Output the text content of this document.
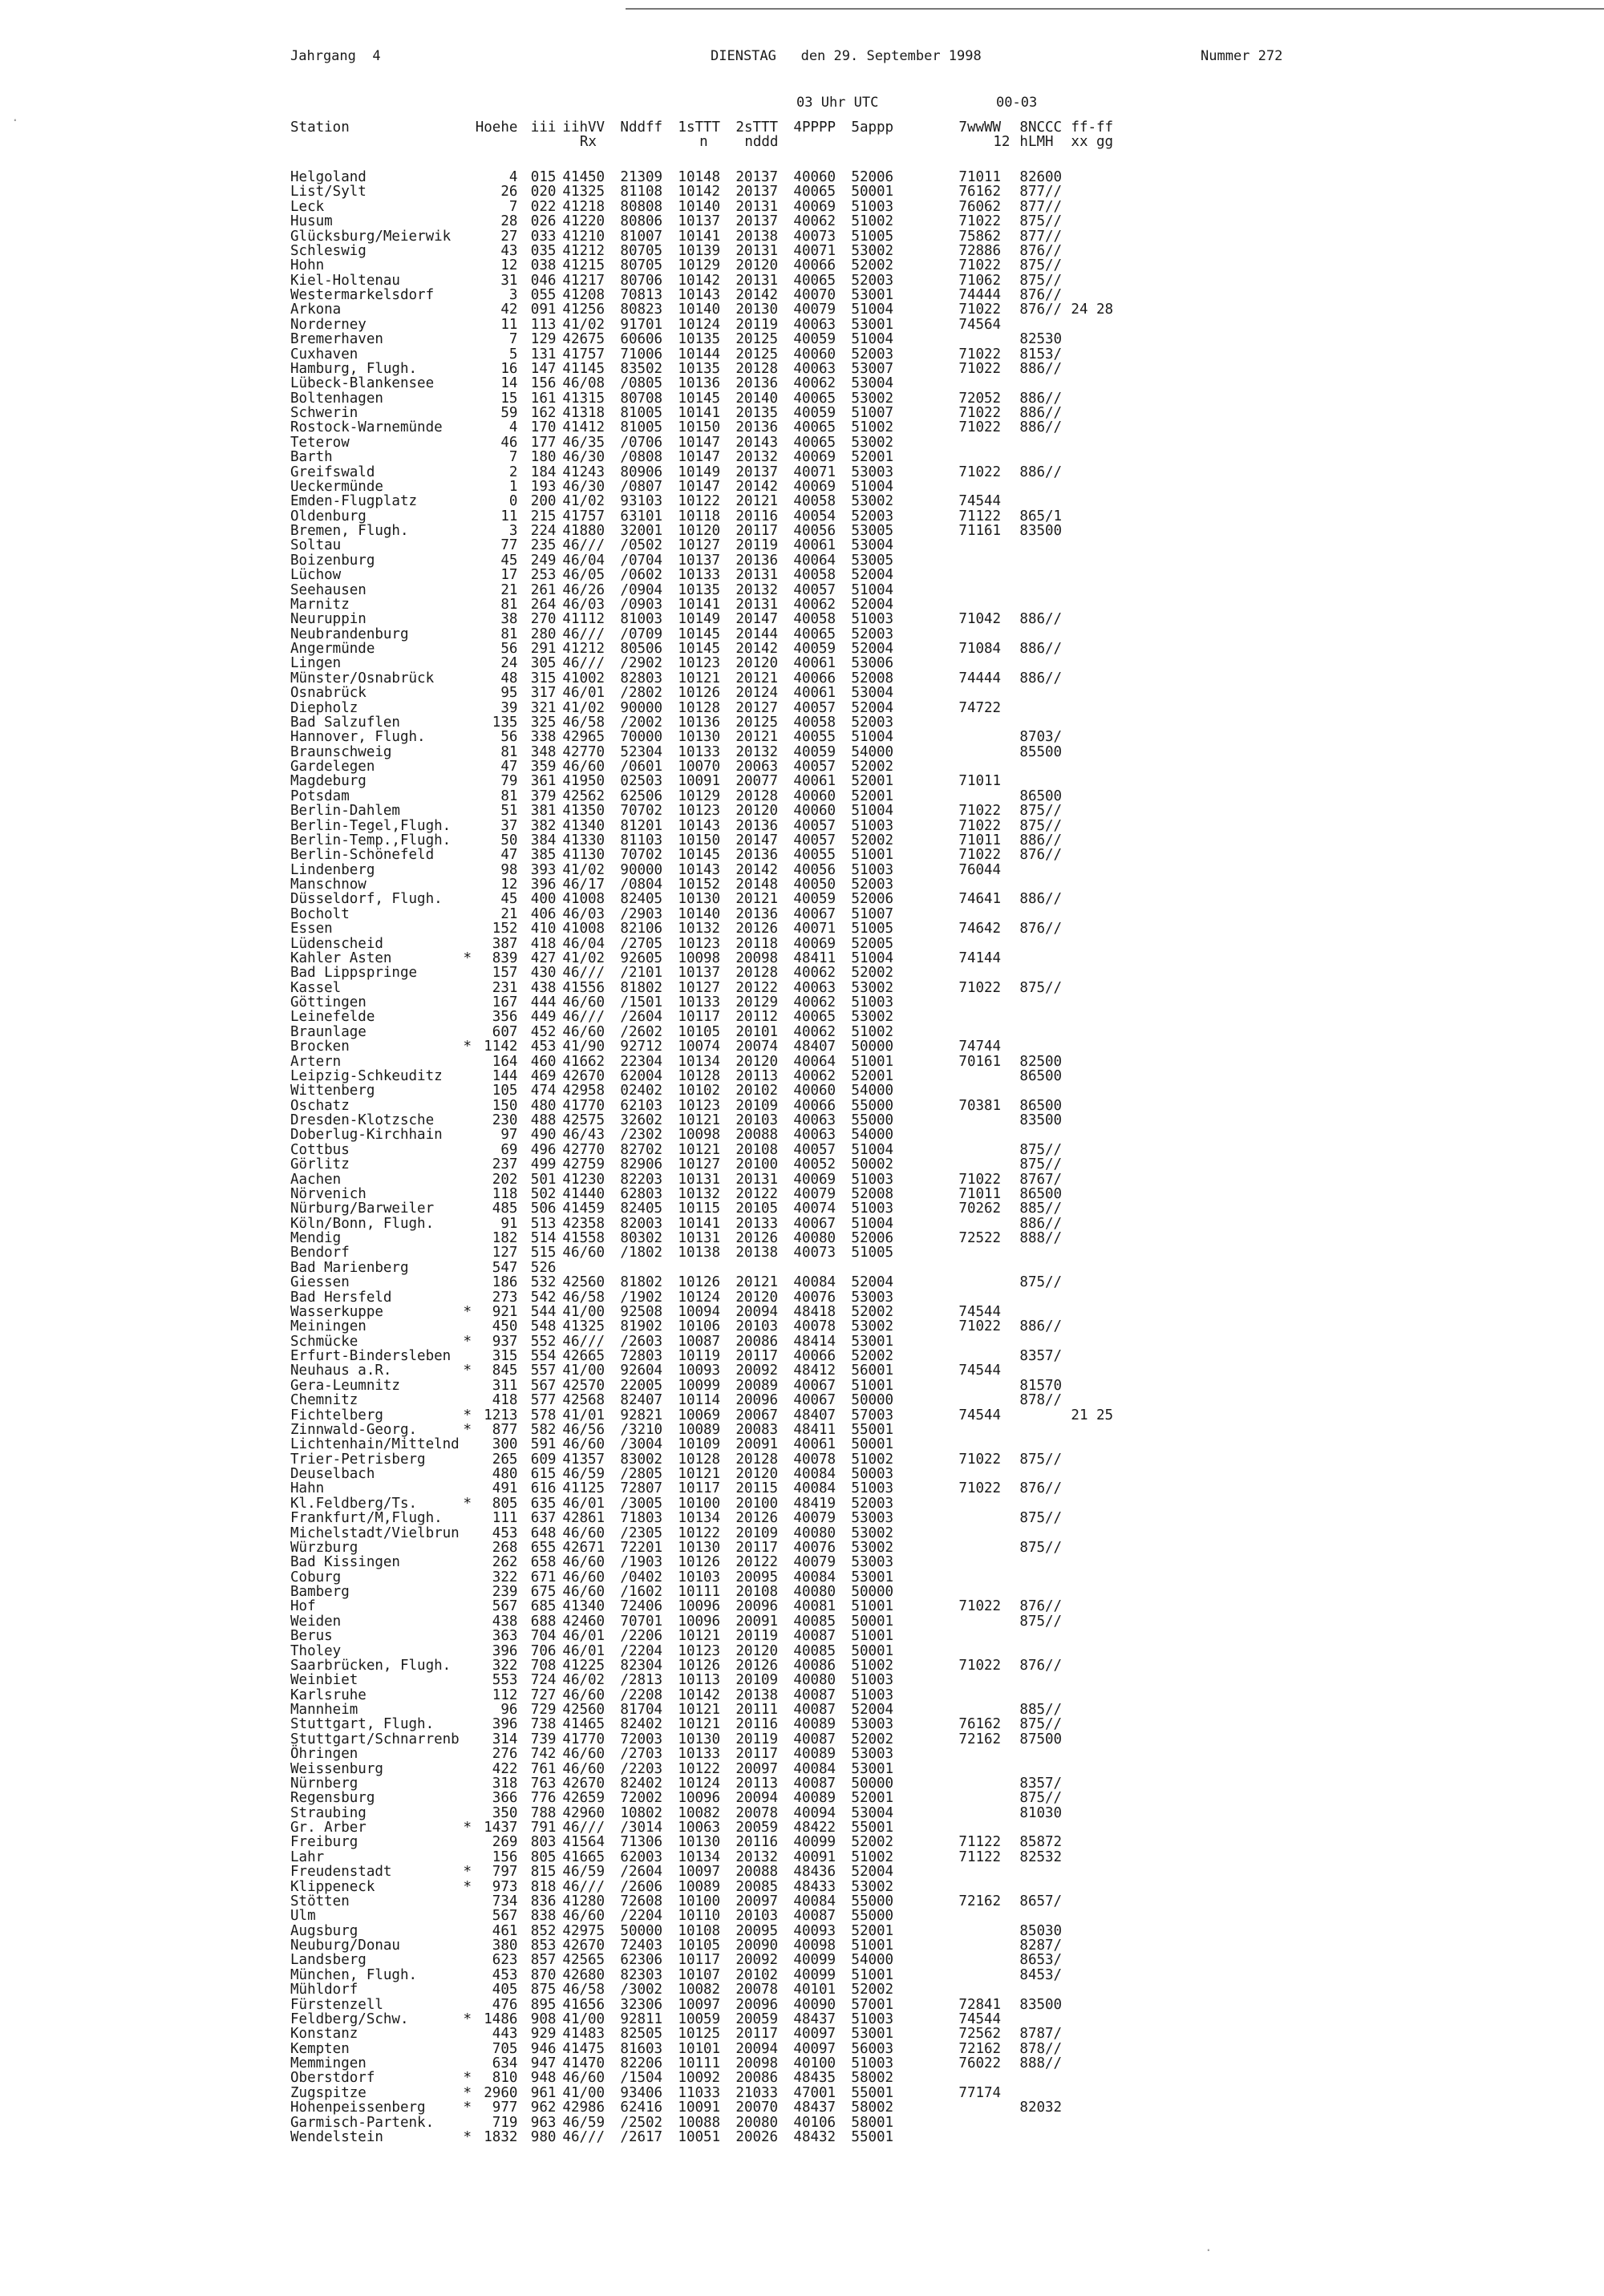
Jahrgang  4	DIENSTAG   den 29. September 1998	Nummer 272
03 Uhr UTC	00-03
Station		Hoehe	iii	iihVV	Nddff	1sTTT	2sTTT	4PPPP	5appp		7wwWW	8NCCC	ff-ff
				Rx		n	nddd				12	hLMH	xx gg
Helgoland		4	015	41450	21309	10148	20137	40060	52006		71011	82600	
List/Sylt		26	020	41325	81108	10142	20137	40065	50001		76162	877//	
Leck		7	022	41218	80808	10140	20131	40069	51003		76062	877//	
Husum		28	026	41220	80806	10137	20137	40062	51002		71022	875//	
Glücksburg/Meierwik		27	033	41210	81007	10141	20138	40073	51005		75862	877//	
Schleswig		43	035	41212	80705	10139	20131	40071	53002		72886	876//	
Hohn		12	038	41215	80705	10129	20120	40066	52002		71022	875//	
Kiel-Holtenau		31	046	41217	80706	10142	20131	40065	52003		71062	875//	
Westermarkelsdorf		3	055	41208	70813	10143	20142	40070	53001		74444	876//	
Arkona		42	091	41256	80823	10140	20130	40079	51004		71022	876//	24 28
Norderney		11	113	41/02	91701	10124	20119	40063	53001		74564		
Bremerhaven		7	129	42675	60606	10135	20125	40059	51004			82530	
Cuxhaven		5	131	41757	71006	10144	20125	40060	52003		71022	8153/	
Hamburg, Flugh.		16	147	41145	83502	10135	20128	40063	53007		71022	886//	
Lübeck-Blankensee		14	156	46/08	/0805	10136	20136	40062	53004				
Boltenhagen		15	161	41315	80708	10145	20140	40065	53002		72052	886//	
Schwerin		59	162	41318	81005	10141	20135	40059	51007		71022	886//	
Rostock-Warnemünde		4	170	41412	81005	10150	20136	40065	51002		71022	886//	
Teterow		46	177	46/35	/0706	10147	20143	40065	53002				
Barth		7	180	46/30	/0808	10147	20132	40069	52001				
Greifswald		2	184	41243	80906	10149	20137	40071	53003		71022	886//	
Ueckermünde		1	193	46/30	/0807	10147	20142	40069	51004				
Emden-Flugplatz		0	200	41/02	93103	10122	20121	40058	53002		74544		
Oldenburg		11	215	41757	63101	10118	20116	40054	52003		71122	865/1	
Bremen, Flugh.		3	224	41880	32001	10120	20117	40056	53005		71161	83500	
Soltau		77	235	46///	/0502	10127	20119	40061	53004				
Boizenburg		45	249	46/04	/0704	10137	20136	40064	53005				
Lüchow		17	253	46/05	/0602	10133	20131	40058	52004				
Seehausen		21	261	46/26	/0904	10135	20132	40057	51004				
Marnitz		81	264	46/03	/0903	10141	20131	40062	52004				
Neuruppin		38	270	41112	81003	10149	20147	40058	51003		71042	886//	
Neubrandenburg		81	280	46///	/0709	10145	20144	40065	52003				
Angermünde		56	291	41212	80506	10145	20142	40059	52004		71084	886//	
Lingen		24	305	46///	/2902	10123	20120	40061	53006				
Münster/Osnabrück		48	315	41002	82803	10121	20121	40066	52008		74444	886//	
Osnabrück		95	317	46/01	/2802	10126	20124	40061	53004				
Diepholz		39	321	41/02	90000	10128	20127	40057	52004		74722		
Bad Salzuflen		135	325	46/58	/2002	10136	20125	40058	52003				
Hannover, Flugh.		56	338	42965	70000	10130	20121	40055	51004			8703/	
Braunschweig		81	348	42770	52304	10133	20132	40059	54000			85500	
Gardelegen		47	359	46/60	/0601	10070	20063	40057	52002				
Magdeburg		79	361	41950	02503	10091	20077	40061	52001		71011		
Potsdam		81	379	42562	62506	10129	20128	40060	52001			86500	
Berlin-Dahlem		51	381	41350	70702	10123	20120	40060	51004		71022	875//	
Berlin-Tegel,Flugh.		37	382	41340	81201	10143	20136	40057	51003		71022	875//	
Berlin-Temp.,Flugh.		50	384	41330	81103	10150	20147	40057	52002		71011	886//	
Berlin-Schönefeld		47	385	41130	70702	10145	20136	40055	51001		71022	876//	
Lindenberg		98	393	41/02	90000	10143	20142	40056	51003		76044		
Manschnow		12	396	46/17	/0804	10152	20148	40050	52003				
Düsseldorf, Flugh.		45	400	41008	82405	10130	20121	40059	52006		74641	886//	
Bocholt		21	406	46/03	/2903	10140	20136	40067	51007				
Essen		152	410	41008	82106	10132	20126	40071	51005		74642	876//	
Lüdenscheid		387	418	46/04	/2705	10123	20118	40069	52005				
Kahler Asten	*	839	427	41/02	92605	10098	20098	48411	51004		74144		
Bad Lippspringe		157	430	46///	/2101	10137	20128	40062	52002				
Kassel		231	438	41556	81802	10127	20122	40063	53002		71022	875//	
Göttingen		167	444	46/60	/1501	10133	20129	40062	51003				
Leinefelde		356	449	46///	/2604	10117	20112	40065	53002				
Braunlage		607	452	46/60	/2602	10105	20101	40062	51002				
Brocken	*	1142	453	41/90	92712	10074	20074	48407	50000		74744		
Artern		164	460	41662	22304	10134	20120	40064	51001		70161	82500	
Leipzig-Schkeuditz		144	469	42670	62004	10128	20113	40062	52001			86500	
Wittenberg		105	474	42958	02402	10102	20102	40060	54000				
Oschatz		150	480	41770	62103	10123	20109	40066	55000		70381	86500	
Dresden-Klotzsche		230	488	42575	32602	10121	20103	40063	55000			83500	
Doberlug-Kirchhain		97	490	46/43	/2302	10098	20088	40063	54000				
Cottbus		69	496	42770	82702	10121	20108	40057	51004			875//	
Görlitz		237	499	42759	82906	10127	20100	40052	50002			875//	
Aachen		202	501	41230	82203	10131	20131	40069	51003		71022	8767/	
Nörvenich		118	502	41440	62803	10132	20122	40079	52008		71011	86500	
Nürburg/Barweiler		485	506	41459	82405	10115	20105	40074	51003		70262	885//	
Köln/Bonn, Flugh.		91	513	42358	82003	10141	20133	40067	51004			886//	
Mendig		182	514	41558	80302	10131	20126	40080	52006		72522	888//	
Bendorf		127	515	46/60	/1802	10138	20138	40073	51005				
Bad Marienberg		547	526										
Giessen		186	532	42560	81802	10126	20121	40084	52004			875//	
Bad Hersfeld		273	542	46/58	/1902	10124	20120	40076	53003				
Wasserkuppe	*	921	544	41/00	92508	10094	20094	48418	52002		74544		
Meiningen		450	548	41325	81902	10106	20103	40078	53002		71022	886//	
Schmücke	*	937	552	46///	/2603	10087	20086	48414	53001				
Erfurt-Bindersleben		315	554	42665	72803	10119	20117	40066	52002			8357/	
Neuhaus a.R.	*	845	557	41/00	92604	10093	20092	48412	56001		74544		
Gera-Leumnitz		311	567	42570	22005	10099	20089	40067	51001			81570	
Chemnitz		418	577	42568	82407	10114	20096	40067	50000			878//	
Fichtelberg	*	1213	578	41/01	92821	10069	20067	48407	57003		74544		21 25
Zinnwald-Georg.	*	877	582	46/56	/3210	10089	20083	48411	55001				
Lichtenhain/Mittelnd		300	591	46/60	/3004	10109	20091	40061	50001				
Trier-Petrisberg		265	609	41357	83002	10128	20128	40078	51002		71022	875//	
Deuselbach		480	615	46/59	/2805	10121	20120	40084	50003				
Hahn		491	616	41125	72807	10117	20115	40084	51003		71022	876//	
Kl.Feldberg/Ts.	*	805	635	46/01	/3005	10100	20100	48419	52003				
Frankfurt/M,Flugh.		111	637	42861	71803	10134	20126	40079	53003			875//	
Michelstadt/Vielbrun		453	648	46/60	/2305	10122	20109	40080	53002				
Würzburg		268	655	42671	72201	10130	20117	40076	53002			875//	
Bad Kissingen		262	658	46/60	/1903	10126	20122	40079	53003				
Coburg		322	671	46/60	/0402	10103	20095	40084	53001				
Bamberg		239	675	46/60	/1602	10111	20108	40080	50000				
Hof		567	685	41340	72406	10096	20096	40081	51001		71022	876//	
Weiden		438	688	42460	70701	10096	20091	40085	50001			875//	
Berus		363	704	46/01	/2206	10121	20119	40087	51001				
Tholey		396	706	46/01	/2204	10123	20120	40085	50001				
Saarbrücken, Flugh.		322	708	41225	82304	10126	20126	40086	51002		71022	876//	
Weinbiet		553	724	46/02	/2813	10113	20109	40080	51003				
Karlsruhe		112	727	46/60	/2208	10142	20138	40087	51003				
Mannheim		96	729	42560	81704	10121	20111	40087	52004			885//	
Stuttgart, Flugh.		396	738	41465	82402	10121	20116	40089	53003		76162	875//	
Stuttgart/Schnarrenb		314	739	41770	72003	10130	20119	40087	52002		72162	87500	
Öhringen		276	742	46/60	/2703	10133	20117	40089	53003				
Weissenburg		422	761	46/60	/2203	10122	20097	40084	53001				
Nürnberg		318	763	42670	82402	10124	20113	40087	50000			8357/	
Regensburg		366	776	42659	72002	10096	20094	40089	52001			875//	
Straubing		350	788	42960	10802	10082	20078	40094	53004			81030	
Gr. Arber	*	1437	791	46///	/3014	10063	20059	48422	55001				
Freiburg		269	803	41564	71306	10130	20116	40099	52002		71122	85872	
Lahr		156	805	41665	62003	10134	20132	40091	51002		71122	82532	
Freudenstadt	*	797	815	46/59	/2604	10097	20088	48436	52004				
Klippeneck	*	973	818	46///	/2606	10089	20085	48433	53002				
Stötten		734	836	41280	72608	10100	20097	40084	55000		72162	8657/	
Ulm		567	838	46/60	/2204	10110	20103	40087	55000				
Augsburg		461	852	42975	50000	10108	20095	40093	52001			85030	
Neuburg/Donau		380	853	42670	72403	10105	20090	40098	51001			8287/	
Landsberg		623	857	42565	62306	10117	20092	40099	54000			8653/	
München, Flugh.		453	870	42680	82303	10107	20102	40099	51001			8453/	
Mühldorf		405	875	46/58	/3002	10082	20078	40101	52002				
Fürstenzell		476	895	41656	32306	10097	20096	40090	57001		72841	83500	
Feldberg/Schw.	*	1486	908	41/00	92811	10059	20059	48437	51003		74544		
Konstanz		443	929	41483	82505	10125	20117	40097	53001		72562	8787/	
Kempten		705	946	41475	81603	10101	20094	40097	56003		72162	878//	
Memmingen		634	947	41470	82206	10111	20098	40100	51003		76022	888//	
Oberstdorf	*	810	948	46/60	/1504	10092	20086	48435	58002				
Zugspitze	*	2960	961	41/00	93406	11033	21033	47001	55001		77174		
Hohenpeissenberg	*	977	962	42986	62416	10091	20070	48437	58002			82032	
Garmisch-Partenk.		719	963	46/59	/2502	10088	20080	40106	58001				
Wendelstein	*	1832	980	46///	/2617	10051	20026	48432	55001				
.
.
